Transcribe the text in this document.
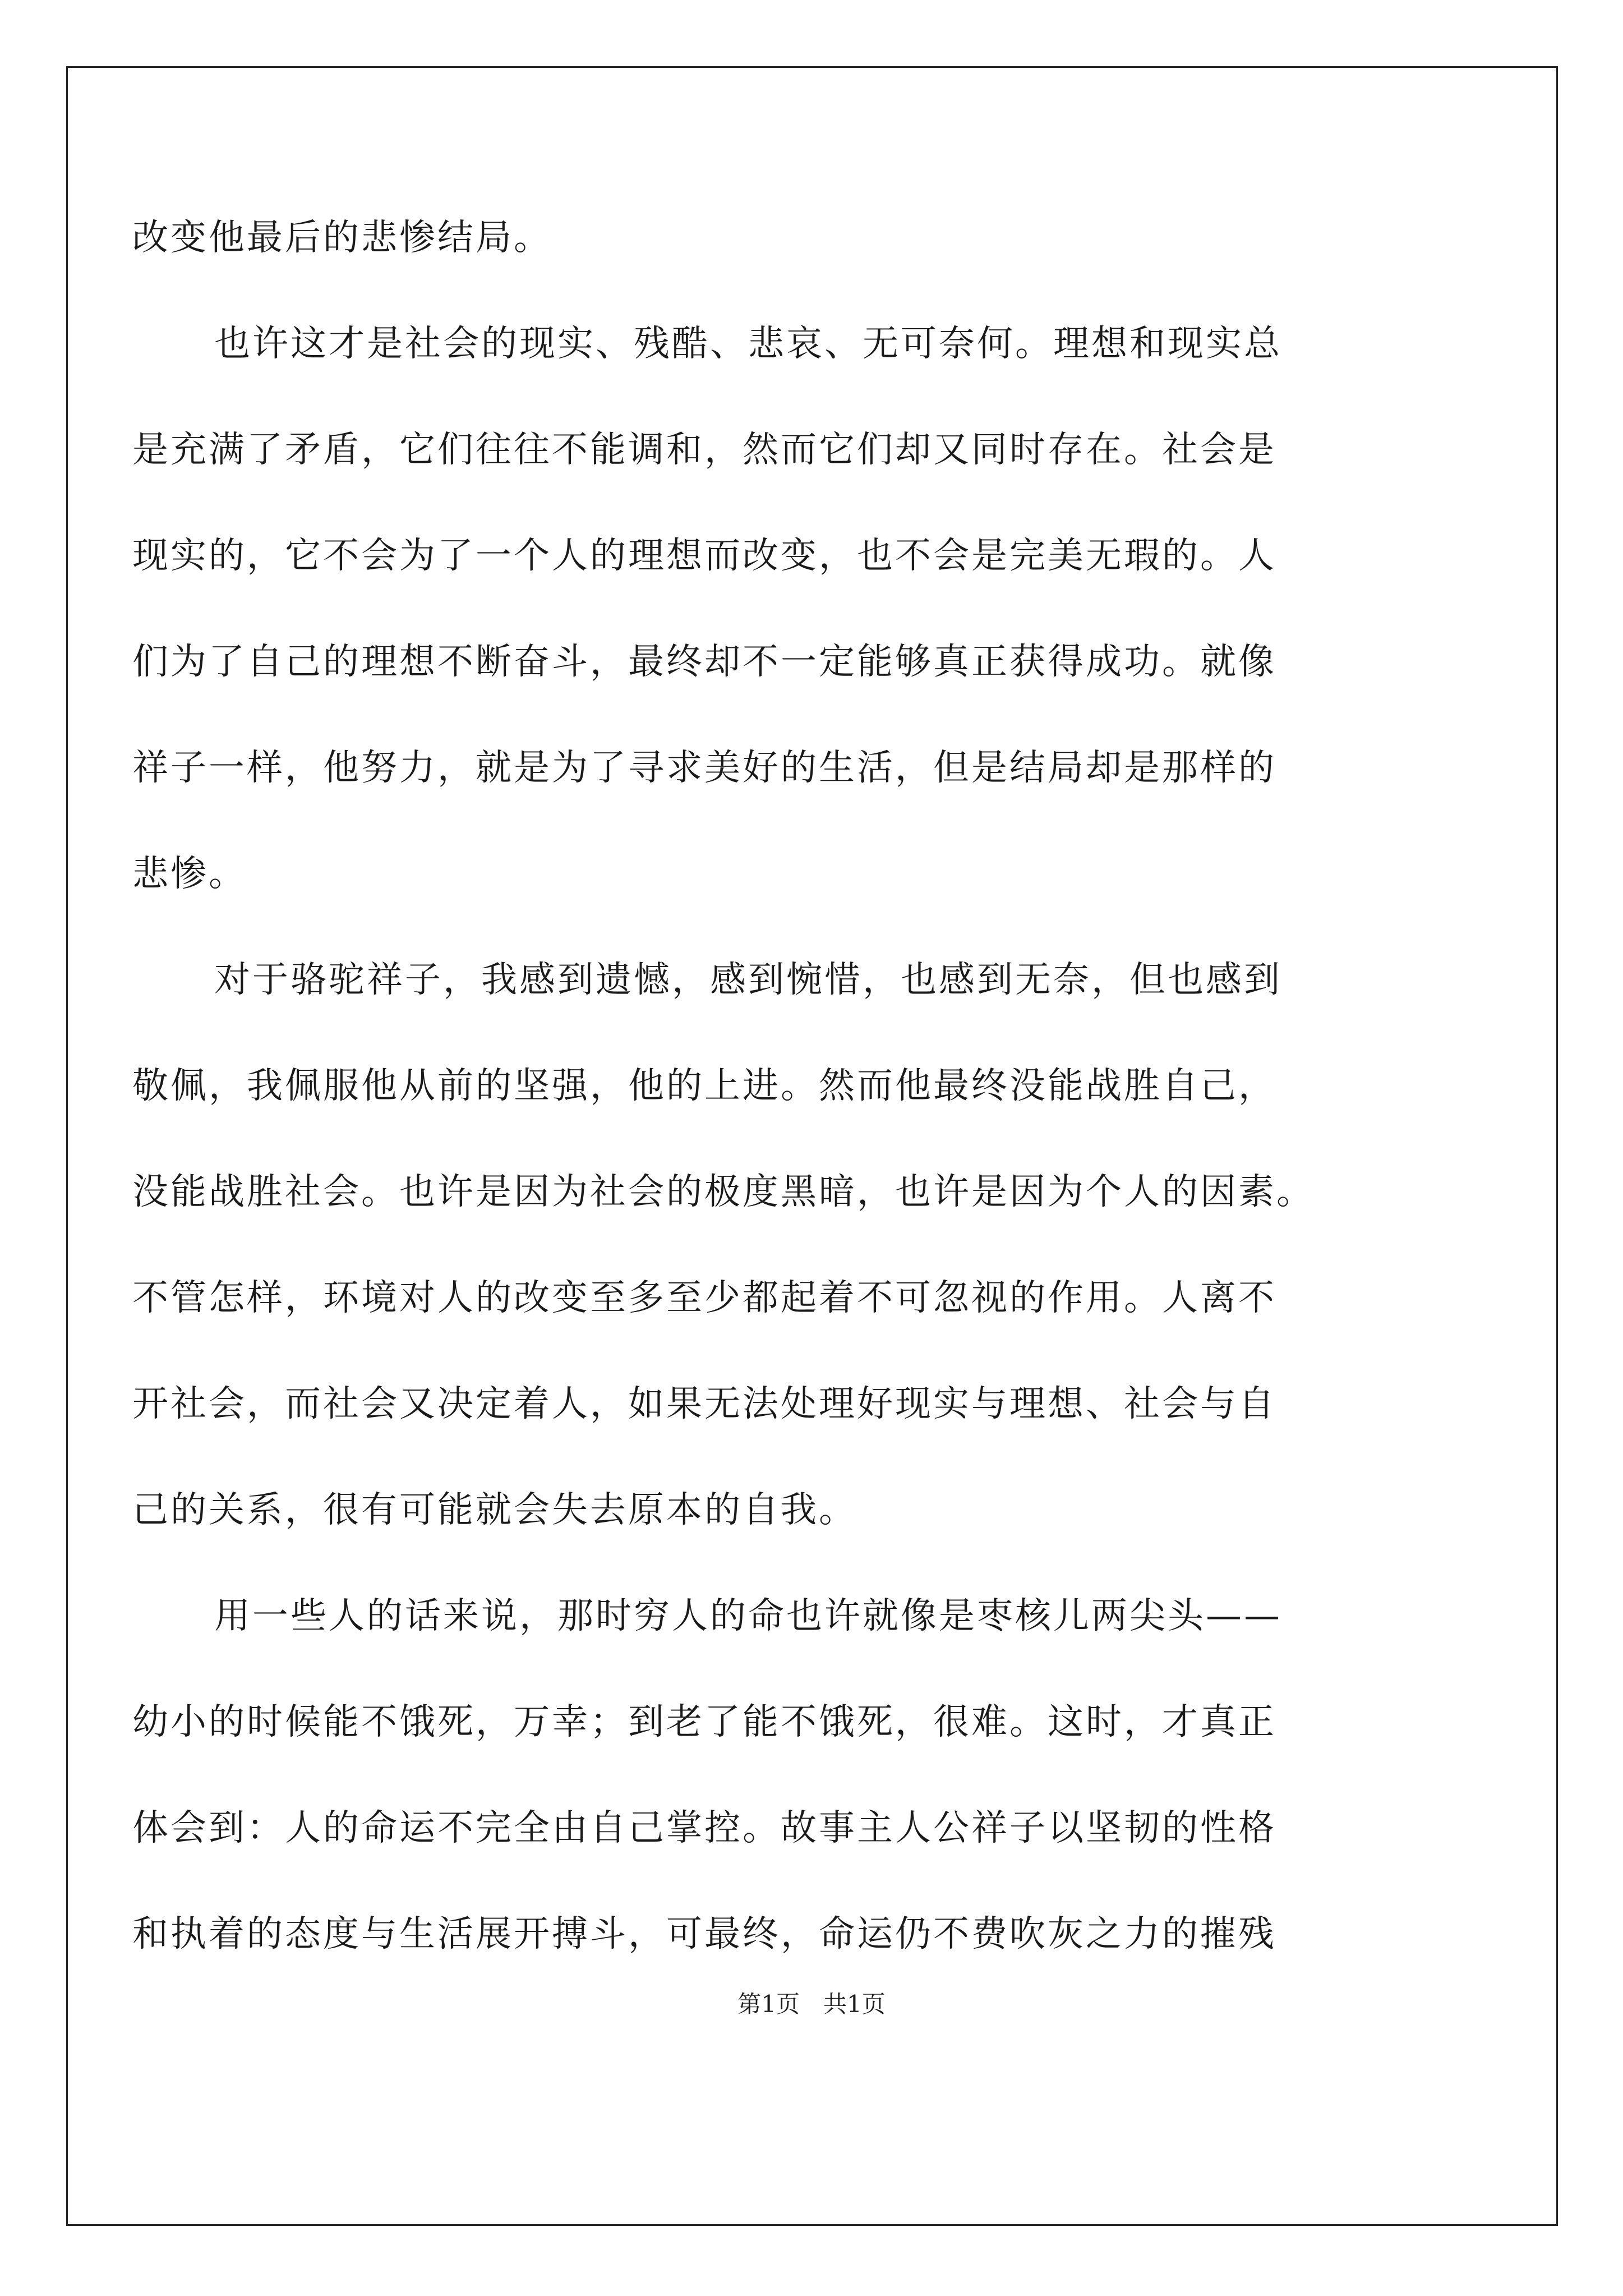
改变他最后的悲惨结局。
也许这才是社会的现实、残酷、悲哀、无可奈何。理想和现实总
是充满了矛盾，它们往往不能调和，然而它们却又同时存在。社会是
现实的，它不会为了一个人的理想而改变，也不会是完美无瑕的。人
们为了自己的理想不断奋斗，最终却不一定能够真正获得成功。就像
祥子一样，他努力，就是为了寻求美好的生活，但是结局却是那样的
悲惨。
对于骆驼祥子，我感到遗憾，感到惋惜，也感到无奈，但也感到
敬佩，我佩服他从前的坚强，他的上进。然而他最终没能战胜自己，
没能战胜社会。也许是因为社会的极度黑暗，也许是因为个人的因素。
不管怎样，环境对人的改变至多至少都起着不可忽视的作用。人离不
开社会，而社会又决定着人，如果无法处理好现实与理想、社会与自
己的关系，很有可能就会失去原本的自我。
用一些人的话来说，那时穷人的命也许就像是枣核儿两尖头——
幼小的时候能不饿死，万幸；到老了能不饿死，很难。这时，才真正
体会到：人的命运不完全由自己掌控。故事主人公祥子以坚韧的性格
和执着的态度与生活展开搏斗，可最终，命运仍不费吹灰之力的摧残
第1页　共1页
